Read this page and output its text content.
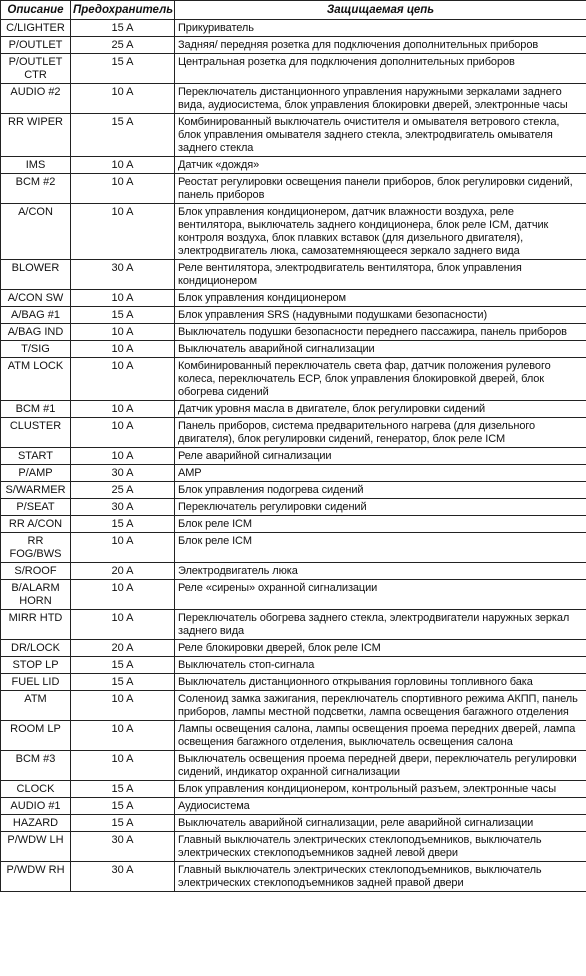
Описание	Предохранитель	Защищаемая цепь
C/LIGHTER	15 A	Прикуриватель
P/OUTLET	25 A	Задняя/ передняя розетка для подключения дополнительных приборов
P/OUTLET CTR	15 A	Центральная розетка для подключения дополнительных приборов
AUDIO #2	10 A	Переключатель дистанционного управления наружными зеркалами заднего вида, аудиосистема, блок управления блокировки дверей, электронные часы
RR WIPER	15 A	Комбинированный выключатель очистителя и омывателя ветрового стекла, блок управления омывателя заднего стекла, электродвигатель омывателя заднего стекла
IMS	10 A	Датчик «дождя»
BCM #2	10 A	Реостат регулировки освещения панели приборов, блок регулировки сидений, панель приборов
A/CON	10 A	Блок управления кондиционером, датчик влажности воздуха, реле вентилятора, выключатель заднего кондиционера, блок реле ICM, датчик контроля воздуха, блок плавких вставок (для дизельного двигателя), электродвигатель люка, самозатемняющееся зеркало заднего вида
BLOWER	30 A	Реле вентилятора, электродвигатель вентилятора, блок управления кондиционером
A/CON SW	10 A	Блок управления кондиционером
A/BAG #1	15 A	Блок управления SRS (надувными подушками безопасности)
A/BAG IND	10 A	Выключатель подушки безопасности переднего пассажира, панель приборов
T/SIG	10 A	Выключатель аварийной сигнализации
ATM LOCK	10 A	Комбинированный переключатель света фар, датчик положения рулевого колеса, переключатель ECP, блок управления блокировкой дверей, блок обогрева сидений
BCM #1	10 A	Датчик уровня масла в двигателе, блок регулировки сидений
CLUSTER	10 A	Панель приборов, система предварительного нагрева (для дизельного двигателя), блок регулировки сидений, генератор, блок реле ICM
START	10 A	Реле аварийной сигнализации
P/AMP	30 A	AMP
S/WARMER	25 A	Блок управления подогрева сидений
P/SEAT	30 A	Переключатель регулировки сидений
RR A/CON	15 A	Блок реле ICM
RR FOG/BWS	10 A	Блок реле ICM
S/ROOF	20 A	Электродвигатель люка
B/ALARM HORN	10 A	Реле «сирены» охранной сигнализации
MIRR HTD	10 A	Переключатель обогрева заднего стекла, электродвигатели наружных зеркал заднего вида
DR/LOCK	20 A	Реле блокировки дверей, блок реле ICM
STOP LP	15 A	Выключатель стоп-сигнала
FUEL LID	15 A	Выключатель дистанционного открывания горловины топливного бака
ATM	10 A	Соленоид замка зажигания, переключатель спортивного режима АКПП, панель приборов, лампы местной подсветки, лампа освещения багажного отделения
ROOM LP	10 A	Лампы освещения салона, лампы освещения проема передних дверей, лампа освещения багажного отделения, выключатель освещения салона
BCM #3	10 A	Выключатель освещения проема передней двери, переключатель регулировки сидений, индикатор охранной сигнализации
CLOCK	15 A	Блок управления кондиционером, контрольный разъем, электронные часы
AUDIO #1	15 A	Аудиосистема
HAZARD	15 A	Выключатель аварийной сигнализации, реле аварийной сигнализации
P/WDW LH	30 A	Главный выключатель электрических стеклоподъемников, выключатель электрических стеклоподъемников задней левой двери
P/WDW RH	30 A	Главный выключатель электрических стеклоподъемников, выключатель электрических стеклоподъемников задней правой двери
